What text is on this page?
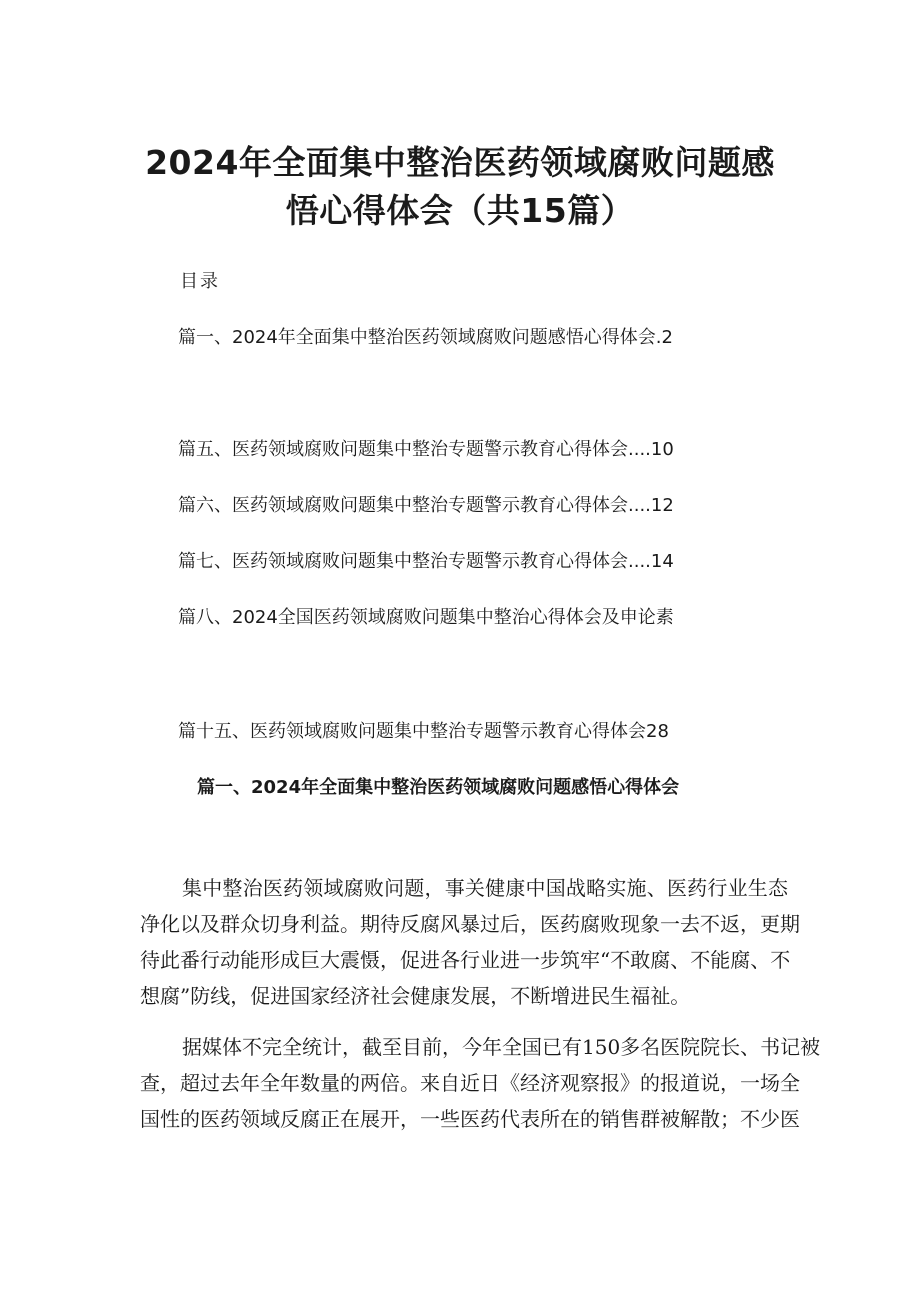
2024年全面集中整治医药领域腐败问题感
悟心得体会（共15篇）
目录
篇一、2024年全面集中整治医药领域腐败问题感悟心得体会.2
篇五、医药领域腐败问题集中整治专题警示教育心得体会....10
篇六、医药领域腐败问题集中整治专题警示教育心得体会....12
篇七、医药领域腐败问题集中整治专题警示教育心得体会....14
篇八、2024全国医药领域腐败问题集中整治心得体会及申论素
篇十五、医药领域腐败问题集中整治专题警示教育心得体会28
篇一、2024年全面集中整治医药领域腐败问题感悟心得体会
集中整治医药领域腐败问题，事关健康中国战略实施、医药行业生态
净化以及群众切身利益。期待反腐风暴过后，医药腐败现象一去不返，更期
待此番行动能形成巨大震慑，促进各行业进一步筑牢“不敢腐、不能腐、不
想腐”防线，促进国家经济社会健康发展，不断增进民生福祉。
据媒体不完全统计，截至目前，今年全国已有150多名医院院长、书记被
查，超过去年全年数量的两倍。来自近日《经济观察报》的报道说，一场全
国性的医药领域反腐正在展开，一些医药代表所在的销售群被解散；不少医
